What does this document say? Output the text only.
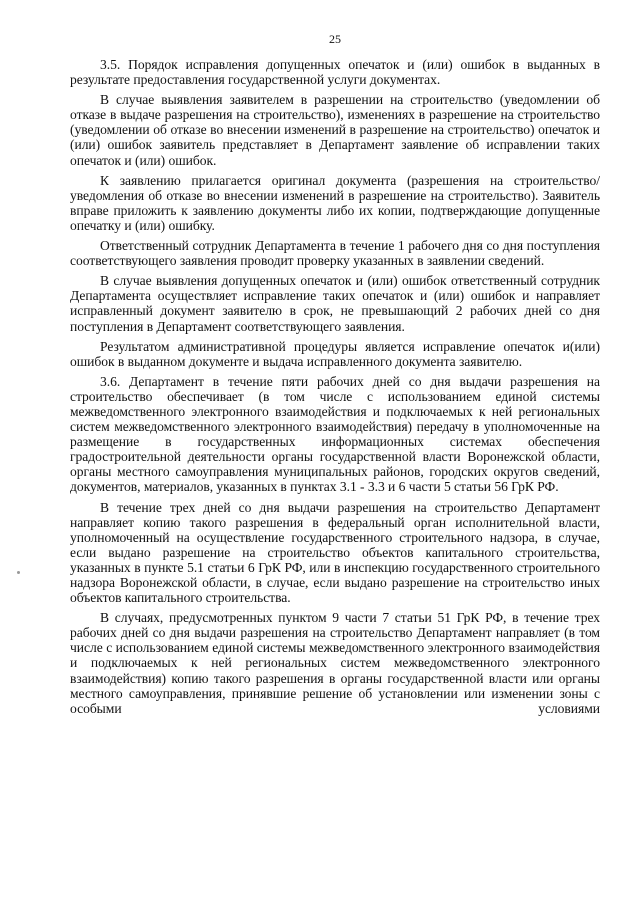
25

3.5. Порядок исправления допущенных опечаток и (или) ошибок в выданных в результате предоставления государственной услуги документах.

В случае выявления заявителем в разрешении на строительство (уведомлении об отказе в выдаче разрешения на строительство), изменениях в разрешение на строительство (уведомлении об отказе во внесении изменений в разрешение на строительство) опечаток и (или) ошибок заявитель представляет в Департамент заявление об исправлении таких опечаток и (или) ошибок.

К заявлению прилагается оригинал документа (разрешения на строительство/ уведомления об отказе во внесении изменений в разрешение на строительство). Заявитель вправе приложить к заявлению документы либо их копии, подтверждающие допущенные опечатку и (или) ошибку.

Ответственный сотрудник Департамента в течение 1 рабочего дня со дня поступления соответствующего заявления проводит проверку указанных в заявлении сведений.

В случае выявления допущенных опечаток и (или) ошибок ответственный сотрудник Департамента осуществляет исправление таких опечаток и (или) ошибок и направляет исправленный документ заявителю в срок, не превышающий 2 рабочих дней со дня поступления в Департамент соответствующего заявления.

Результатом административной процедуры является исправление опечаток и(или) ошибок в выданном документе и выдача исправленного документа заявителю.

3.6. Департамент в течение пяти рабочих дней со дня выдачи разрешения на строительство обеспечивает (в том числе с использованием единой системы межведомственного электронного взаимодействия и подключаемых к ней региональных систем межведомственного электронного взаимодействия) передачу в уполномоченные на размещение в государственных информационных системах обеспечения градостроительной деятельности органы государственной власти Воронежской области, органы местного самоуправления муниципальных районов, городских округов сведений, документов, материалов, указанных в пунктах 3.1 - 3.3 и 6 части 5 статьи 56 ГрК РФ.

В течение трех дней со дня выдачи разрешения на строительство Департамент направляет копию такого разрешения в федеральный орган исполнительной власти, уполномоченный на осуществление государственного строительного надзора, в случае, если выдано разрешение на строительство объектов капитального строительства, указанных в пункте 5.1 статьи 6 ГрК РФ, или в инспекцию государственного строительного надзора Воронежской области, в случае, если выдано разрешение на строительство иных объектов капитального строительства.

В случаях, предусмотренных пунктом 9 части 7 статьи 51 ГрК РФ, в течение трех рабочих дней со дня выдачи разрешения на строительство Департамент направляет (в том числе с использованием единой системы межведомственного электронного взаимодействия и подключаемых к ней региональных систем межведомственного электронного взаимодействия) копию такого разрешения в органы государственной власти или органы местного самоуправления, принявшие решение об установлении или изменении зоны с особыми условиями
